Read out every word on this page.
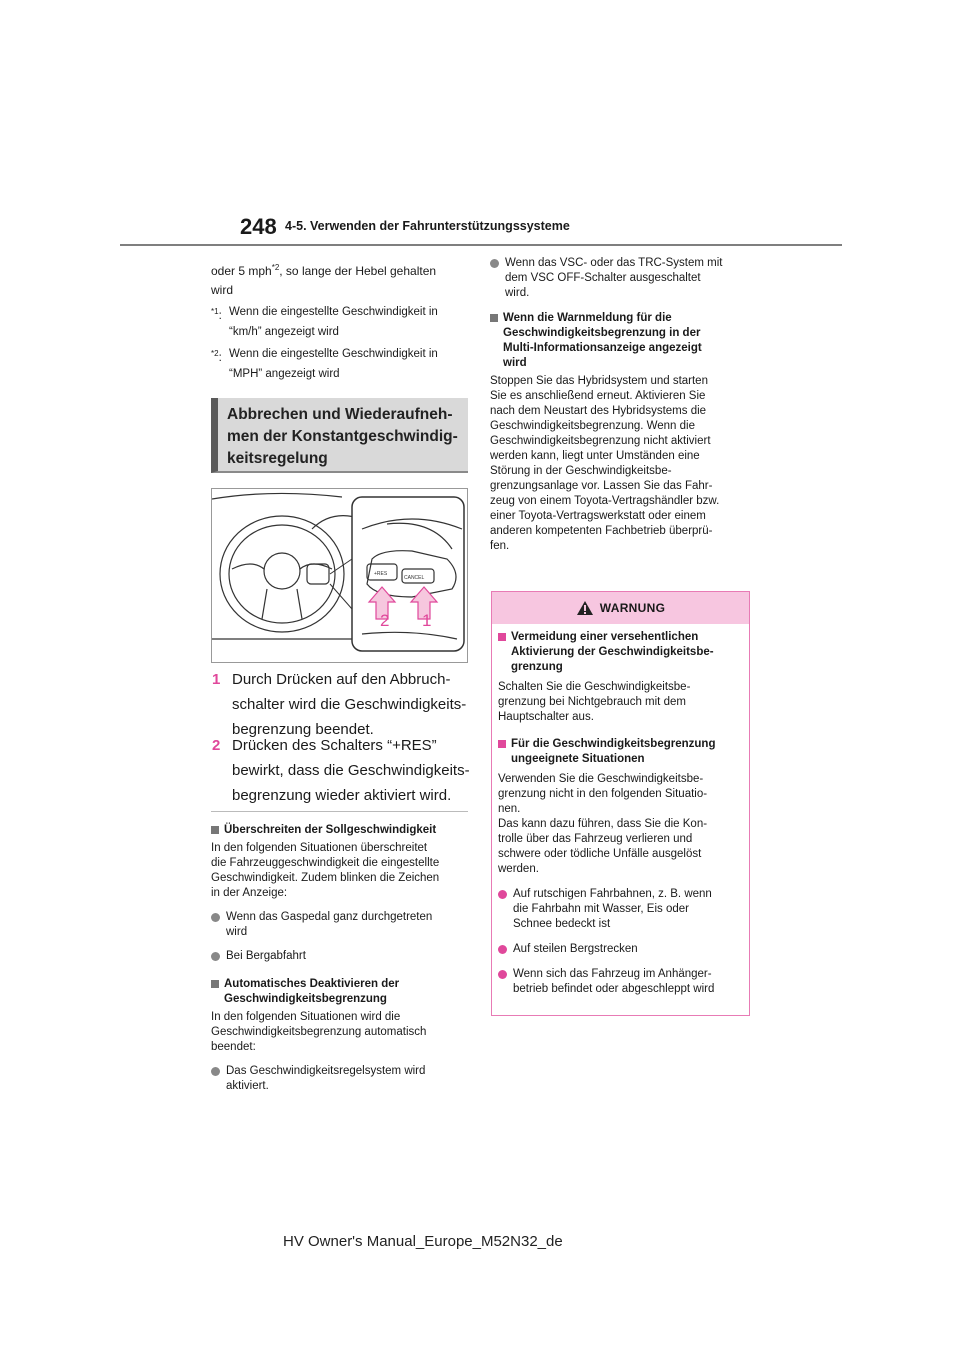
248 4-5. Verwenden der Fahrunterstützungssysteme

oder 5 mph$^{*2}$, so lange der Hebel gehalten
wird

$^{*1}$: Wenn die eingestellte Geschwindigkeit in
“km/h” angezeigt wird
$^{*2}$: Wenn die eingestellte Geschwindigkeit in
“MPH” angezeigt wird
Abbrechen und Wiederaufneh-
men der Konstantgeschwindig-
keitsregelung
+RES
CANCEL
2 1
1 Durch Drücken auf den Abbruch-
schalter wird die Geschwindigkeits-
begrenzung beendet.
2 Drücken des Schalters “+RES”
bewirkt, dass die Geschwindigkeits-
begrenzung wieder aktiviert wird.
Überschreiten der Sollgeschwindigkeit

In den folgenden Situationen überschreitet
die Fahrzeuggeschwindigkeit die eingestellte
Geschwindigkeit. Zudem blinken die Zeichen
in der Anzeige:

Wenn das Gaspedal ganz durchgetreten
wird
Bei Bergabfahrt
Automatisches Deaktivieren der
Geschwindigkeitsbegrenzung

In den folgenden Situationen wird die
Geschwindigkeitsbegrenzung automatisch
beendet:

Das Geschwindigkeitsregelsystem wird
aktiviert.
Wenn das VSC- oder das TRC-System mit
dem VSC OFF-Schalter ausgeschaltet
wird.
Wenn die Warnmeldung für die
Geschwindigkeitsbegrenzung in der
Multi-Informationsanzeige angezeigt
wird

Stoppen Sie das Hybridsystem und starten
Sie es anschließend erneut. Aktivieren Sie
nach dem Neustart des Hybridsystems die
Geschwindigkeitsbegrenzung. Wenn die
Geschwindigkeitsbegrenzung nicht aktiviert
werden kann, liegt unter Umständen eine
Störung in der Geschwindigkeitsbe-
grenzungsanlage vor. Lassen Sie das Fahr-
zeug von einem Toyota-Vertragshändler bzw.
einer Toyota-Vertragswerkstatt oder einem
anderen kompetenten Fachbetrieb überprü-
fen.

WARNUNG
Vermeidung einer versehentlichen
Aktivierung der Geschwindigkeitsbe-
grenzung

Schalten Sie die Geschwindigkeitsbe-
grenzung bei Nichtgebrauch mit dem
Hauptschalter aus.

Für die Geschwindigkeitsbegrenzung
ungeeignete Situationen

Verwenden Sie die Geschwindigkeitsbe-
grenzung nicht in den folgenden Situatio-
nen.
Das kann dazu führen, dass Sie die Kon-
trolle über das Fahrzeug verlieren und
schwere oder tödliche Unfälle ausgelöst
werden.

Auf rutschigen Fahrbahnen, z. B. wenn
die Fahrbahn mit Wasser, Eis oder
Schnee bedeckt ist
Auf steilen Bergstrecken
Wenn sich das Fahrzeug im Anhänger-
betrieb befindet oder abgeschleppt wird
HV Owner's Manual_Europe_M52N32_de
